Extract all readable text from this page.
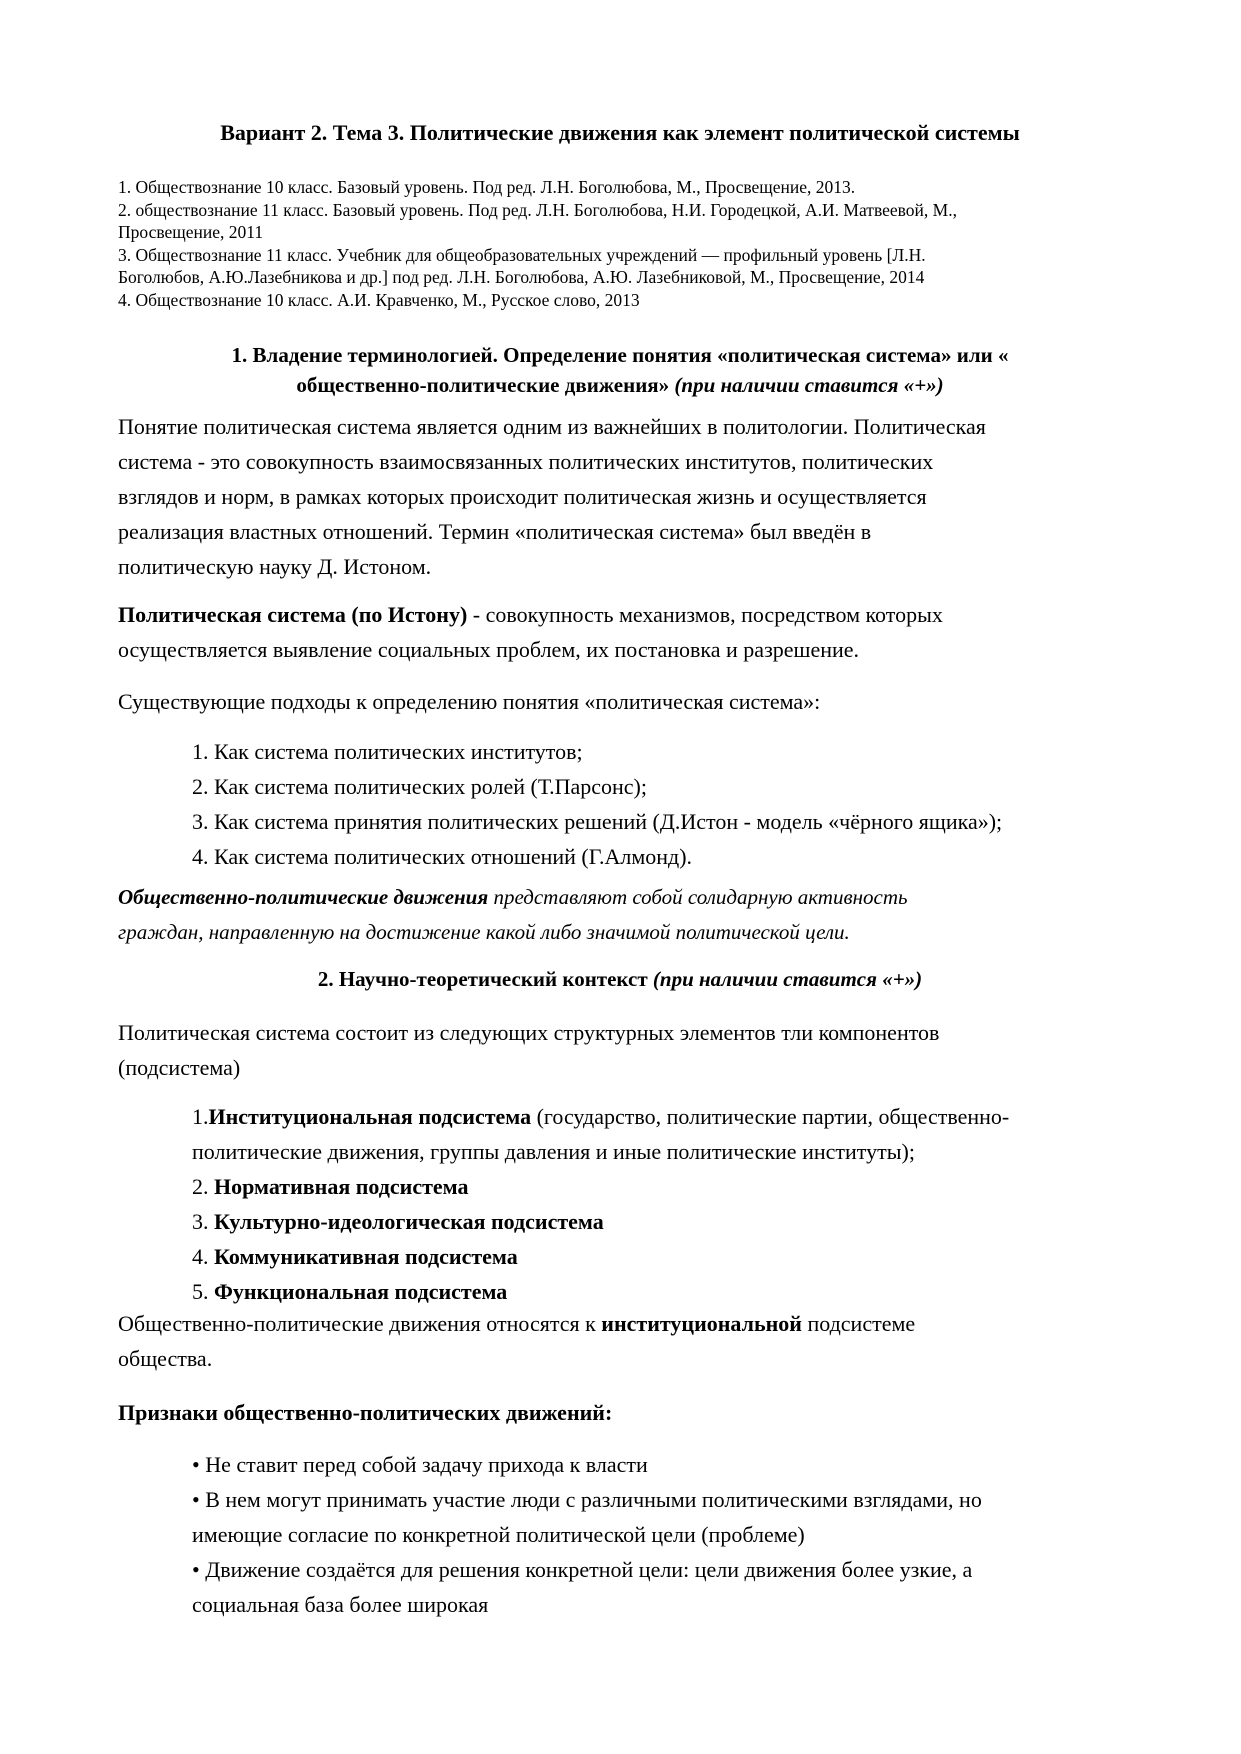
Вариант 2. Тема 3. Политические движения как элемент политической системы
1. Обществознание 10 класс. Базовый уровень. Под ред. Л.Н. Боголюбова, М., Просвещение, 2013.
2. обществознание 11 класс. Базовый уровень. Под ред. Л.Н. Боголюбова, Н.И. Городецкой, А.И. Матвеевой, М.,
Просвещение, 2011
3. Обществознание 11 класс. Учебник для общеобразовательных учреждений — профильный уровень [Л.Н.
Боголюбов, А.Ю.Лазебникова и др.] под ред. Л.Н. Боголюбова, А.Ю. Лазебниковой, М., Просвещение, 2014
4. Обществознание 10 класс. А.И. Кравченко, М., Русское слово, 2013
1. Владение терминологией. Определение понятия «политическая система» или «
общественно-политические движения» (при наличии ставится «+»)
Понятие политическая система является одним из важнейших в политологии. Политическая
система - это совокупность взаимосвязанных политических институтов, политических
взглядов и норм, в рамках которых происходит политическая жизнь и осуществляется
реализация властных отношений. Термин «политическая система» был введён в
политическую науку Д. Истоном.
Политическая система (по Истону) - совокупность механизмов, посредством которых
осуществляется выявление социальных проблем, их постановка и разрешение.
Существующие подходы к определению понятия «политическая система»:
1. Как система политических институтов;
2. Как система политических ролей (Т.Парсонс);
3. Как система принятия политических решений (Д.Истон - модель «чёрного ящика»);
4. Как система политических отношений (Г.Алмонд).
Общественно-политические движения представляют собой солидарную активность
граждан, направленную на достижение какой либо значимой политической цели.
2. Научно-теоретический контекст (при наличии ставится «+»)
Политическая система состоит из следующих структурных элементов тли компонентов
(подсистема)
1.Институциональная подсистема (государство, политические партии, общественно-
политические движения, группы давления и иные политические институты);
2. Нормативная подсистема
3. Культурно-идеологическая подсистема
4. Коммуникативная подсистема
5. Функциональная подсистема
Общественно-политические движения относятся к институциональной подсистеме
общества.
Признаки общественно-политических движений:
• Не ставит перед собой задачу прихода к власти
• В нем могут принимать участие люди с различными политическими взглядами, но
имеющие согласие по конкретной политической цели (проблеме)
• Движение создаётся для решения конкретной цели: цели движения более узкие, а
социальная база более широкая
